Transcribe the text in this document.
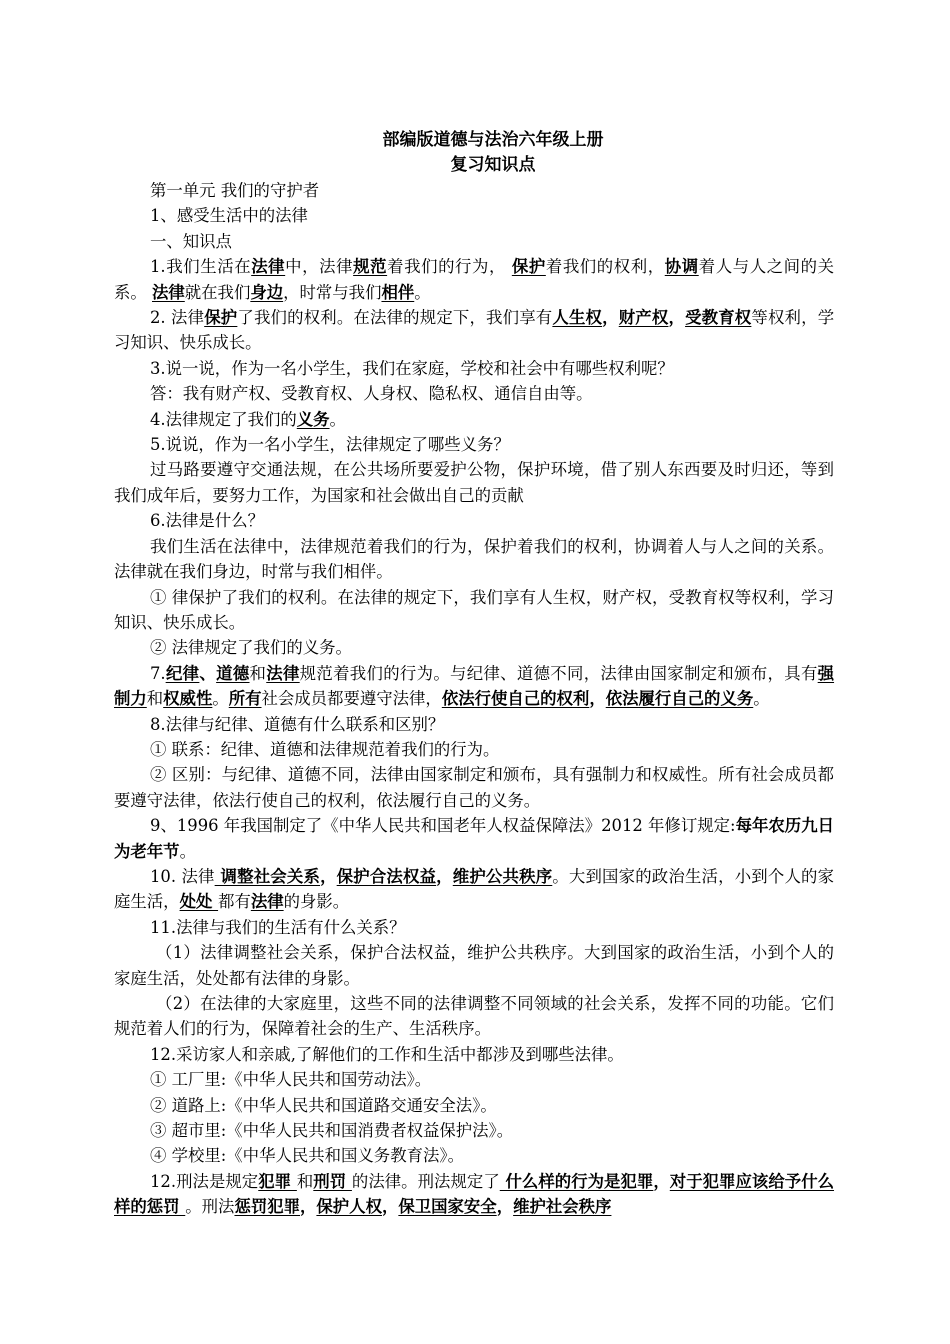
部编版道德与法治六年级上册
复习知识点

第一单元 我们的守护者

1、感受生活中的法律

一、知识点

1.我们生活在法律中，法律规范着我们的行为， 保护着我们的权利，协调着人与人之间的关系。 法律就在我们身边，时常与我们相伴。

2. 法律保护了我们的权利。在法律的规定下，我们享有人生权，财产权，受教育权等权利，学习知识、快乐成长。

3.说一说，作为一名小学生，我们在家庭，学校和社会中有哪些权利呢？

答：我有财产权、受教育权、人身权、隐私权、通信自由等。

4.法律规定了我们的义务。

5.说说，作为一名小学生，法律规定了哪些义务？

过马路要遵守交通法规，在公共场所要爱护公物，保护环境，借了别人东西要及时归还，等到我们成年后，要努力工作，为国家和社会做出自己的贡献

6.法律是什么？

我们生活在法律中，法律规范着我们的行为，保护着我们的权利，协调着人与人之间的关系。法律就在我们身边，时常与我们相伴。

① 律保护了我们的权利。在法律的规定下，我们享有人生权，财产权，受教育权等权利，学习知识、快乐成长。

② 法律规定了我们的义务。

7.纪律、道德和法律规范着我们的行为。与纪律、道德不同，法律由国家制定和颁布，具有强制力和权威性。所有社会成员都要遵守法律，依法行使自己的权利，依法履行自己的义务。

8.法律与纪律、道德有什么联系和区别？

① 联系：纪律、道德和法律规范着我们的行为。

② 区别：与纪律、道德不同，法律由国家制定和颁布，具有强制力和权威性。所有社会成员都要遵守法律，依法行使自己的权利，依法履行自己的义务。

9、1996 年我国制定了《中华人民共和国老年人权益保障法》2012 年修订规定:每年农历九日为老年节。

10. 法律 调整社会关系，保护合法权益，维护公共秩序。大到国家的政治生活，小到个人的家庭生活，处处 都有法律的身影。

11.法律与我们的生活有什么关系？

（1）法律调整社会关系，保护合法权益，维护公共秩序。大到国家的政治生活，小到个人的家庭生活，处处都有法律的身影。

（2）在法律的大家庭里，这些不同的法律调整不同领域的社会关系，发挥不同的功能。它们规范着人们的行为，保障着社会的生产、生活秩序。

12.采访家人和亲戚,了解他们的工作和生活中都涉及到哪些法律。

① 工厂里:《中华人民共和国劳动法》。

② 道路上:《中华人民共和国道路交通安全法》。

③ 超市里:《中华人民共和国消费者权益保护法》。

④ 学校里:《中华人民共和国义务教育法》。

12.刑法是规定犯罪 和刑罚 的法律。刑法规定了 什么样的行为是犯罪，对于犯罪应该给予什么样的惩罚 。刑法惩罚犯罪，保护人权，保卫国家安全，维护社会秩序
